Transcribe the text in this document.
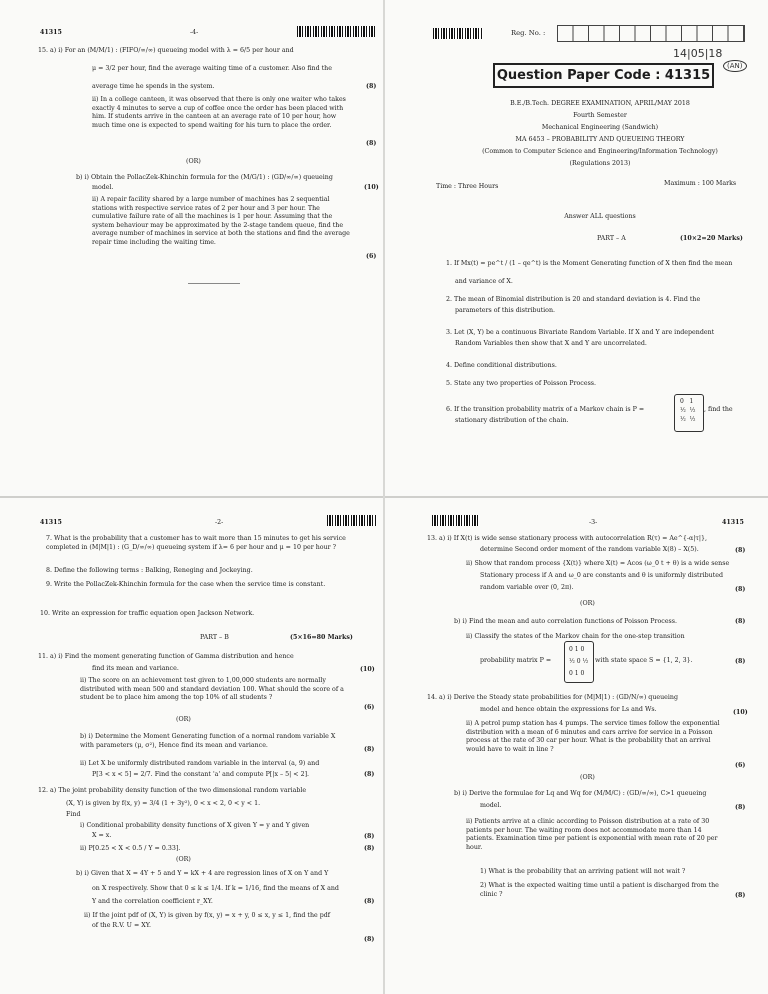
41315	-4-
15. a) i) For an (M/M/1) : (FIFO/∞/∞) queueing model with λ = 6/5 per hour and
μ = 3/2 per hour, find the average waiting time of a customer. Also find the
average time he spends in the system.	(8)
ii) In a college canteen, it was observed that there is only one waiter who takes exactly 4 minutes to serve a cup of coffee once the order has been placed with him. If students arrive in the canteen at an average rate of 10 per hour, how much time one is expected to spend waiting for his turn to place the order.
(8)
(OR)
b) i) Obtain the PollacZek-Khinchin formula for the (M/G/1) : (GD/∞/∞) queueing
model.	(10)
ii) A repair facility shared by a large number of machines has 2 sequential stations with respective service rates of 2 per hour and 3 per hour. The cumulative failure rate of all the machines is 1 per hour. Assuming that the system behaviour may be approximated by the 2-stage tandem queue, find the average number of machines in service at both the stations and find the average repair time including the waiting time.
(6)
Reg. No. :
14|05|18
(AN)
Question Paper Code : 41315
B.E./B.Tech. DEGREE EXAMINATION, APRIL/MAY 2018
Fourth Semester
Mechanical Engineering (Sandwich)
MA 6453 – PROBABILITY AND QUEUEING THEORY
(Common to Computer Science and Engineering/Information Technology)
(Regulations 2013)
Time : Three Hours	Maximum : 100 Marks
Answer ALL questions
PART – A	(10×2=20 Marks)
1. If Mx(t) = pe^t / (1 – qe^t) is the Moment Generating function of X then find the mean
and variance of X.
2. The mean of Binomial distribution is 20 and standard deviation is 4. Find the
parameters of this distribution.
3. Let (X, Y) be a continuous Bivariate Random Variable. If X and Y are independent
Random Variables then show that X and Y are uncorrelated.
4. Define conditional distributions.
5. State any two properties of Poisson Process.
6. If the transition probability matrix of a Markov chain is P =
stationary distribution of the chain.
0   1
½  ½
½  ½
, find the
41315	-2-
7. What is the probability that a customer has to wait more than 15 minutes to get his service completed in (M|M|1) : (G_D/∞/∞) queueing system if λ= 6 per hour and μ = 10 per hour ?
8. Define the following terms : Balking, Reneging and Jockeying.
9. Write the PollacZek-Khinchin formula for the case when the service time is constant.
10. Write an expression for traffic equation open Jackson Network.
PART – B	(5×16=80 Marks)
11. a) i) Find the moment generating function of Gamma distribution and hence
find its mean and variance.	(10)
ii) The score on an achievement test given to 1,00,000 students are normally distributed with mean 500 and standard deviation 100. What should the score of a student be to place him among the top 10% of all students ?
(6)
(OR)
b) i) Determine the Moment Generating function of a normal random variable X with parameters (μ, σ²), Hence find its mean and variance.
(8)
ii) Let X be uniformly distributed random variable in the interval (a, 9) and
P[3 < x < 5] = 2/7. Find the constant 'a' and compute P[|x – 5| < 2].	(8)
12. a) The joint probability density function of the two dimensional random variable
(X, Y) is given by f(x, y) = 3/4 (1 + 3y²), 0 < x < 2, 0 < y < 1.
Find
i) Conditional probability density functions of X given Y = y and Y given
X = x.	(8)
ii) P[0.25 < X < 0.5 / Y = 0.33].	(8)
(OR)
b) i) Given that X = 4Y + 5 and Y = kX + 4 are regression lines of X on Y and Y
on X respectively. Show that 0 ≤ k ≤ 1/4. If k = 1/16, find the means of X and
Y and the correlation coefficient r_XY.	(8)
ii) If the joint pdf of (X, Y) is given by f(x, y) = x + y, 0 ≤ x, y ≤ 1, find the pdf
of the R.V. U = XY.
(8)
-3-	41315
13. a) i) If X(t) is wide sense stationary process with autocorrelation R(τ) = Ae^{-α|τ|},
determine Second order moment of the random variable X(8) – X(5).	(8)
ii) Show that random process {X(t)} where X(t) = Acos (ω_0 t + θ) is a wide sense
Stationary process if A and ω_0 are constants and θ is uniformly distributed
random variable over (0, 2π).	(8)
(OR)
b) i) Find the mean and auto correlation functions of Poisson Process.	(8)
ii) Classify the states of the Markov chain for the one-step transition
probability matrix P =
0 1 0
½ 0 ½
0 1 0
with state space S = {1, 2, 3}.	(8)
14. a) i) Derive the Steady state probabilities for (M|M|1) : (GD/N/∞) queueing
model and hence obtain the expressions for Ls and Ws.	(10)
ii) A petrol pump station has 4 pumps. The service times follow the exponential distribution with a mean of 6 minutes and cars arrive for service in a Poisson process at the rate of 30 car per hour. What is the probability that an arrival would have to wait in line ?
(6)
(OR)
b) i) Derive the formulae for Lq and Wq for (M/M/C) : (GD/∞/∞), C>1 queueing
model.	(8)
ii) Patients arrive at a clinic according to Poisson distribution at a rate of 30 patients per hour. The waiting room does not accommodate more than 14 patients. Examination time per patient is exponential with mean rate of 20 per hour.
1) What is the probability that an arriving patient will not wait ?
2) What is the expected waiting time until a patient is discharged from the clinic ?	(8)
